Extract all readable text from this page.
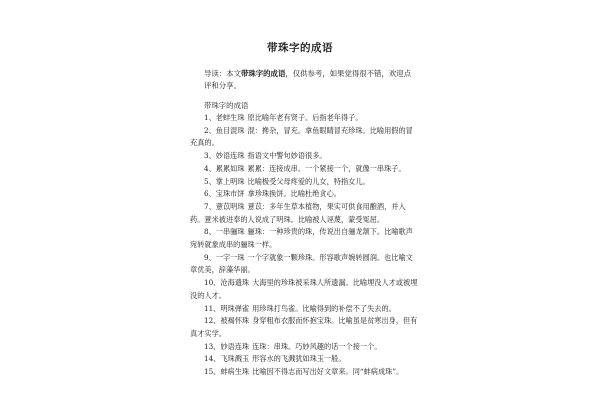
带珠字的成语
导读：本文带珠字的成语，仅供参考，如果觉得很不错，欢迎点评和分享。
带珠字的成语
1、老蚌生珠 原比喻年老有贤子。后指老年得子。
2、鱼目混珠 混：搀杂，冒充。拿鱼眼睛冒充珍珠。比喻用假的冒充真的。
3、妙语连珠 指语文中警句妙语很多。
4、累累如珠 累累：连接成串。一个紧接一个，就像一串珠子。
5、掌上明珠 比喻极受父母疼爱的儿女，特指女儿。
6、宝珠市饼 拿珍珠换饼。比喻杜绝贪心。
7、薏苡明珠 薏苡：多年生草本植物，果实可供食用酿酒，并入药。薏米被进奉的人说成了明珠。比喻被人诬蔑，蒙受冤屈。
8、一串骊珠 骊珠：一种珍贵的珠，传说出自骊龙颔下。比喻歌声宛转就象成串的骊珠一样。
9、一字一珠 一个字就象一颗珍珠。形容歌声婉转圆润。也比喻文章优美，辞藻华丽。
10、沧海遗珠 大海里的珍珠被采珠人所遗漏。比喻埋没人才或被埋没的人才。
11、明珠弹雀 用珍珠打鸟雀。比喻得到的补偿不了失去的。
12、被褐怀珠 身穿粗布衣服而怀抱宝珠。比喻虽是贫寒出身，但有真才实学。
13、妙语连珠 连珠：串珠。巧妙风趣的话一个接一个。
14、飞珠溅玉 形容水的飞溅犹如珠玉一般。
15、蚌病生珠 比喻因不得志而写出好文章来。同“蚌病成珠”。
